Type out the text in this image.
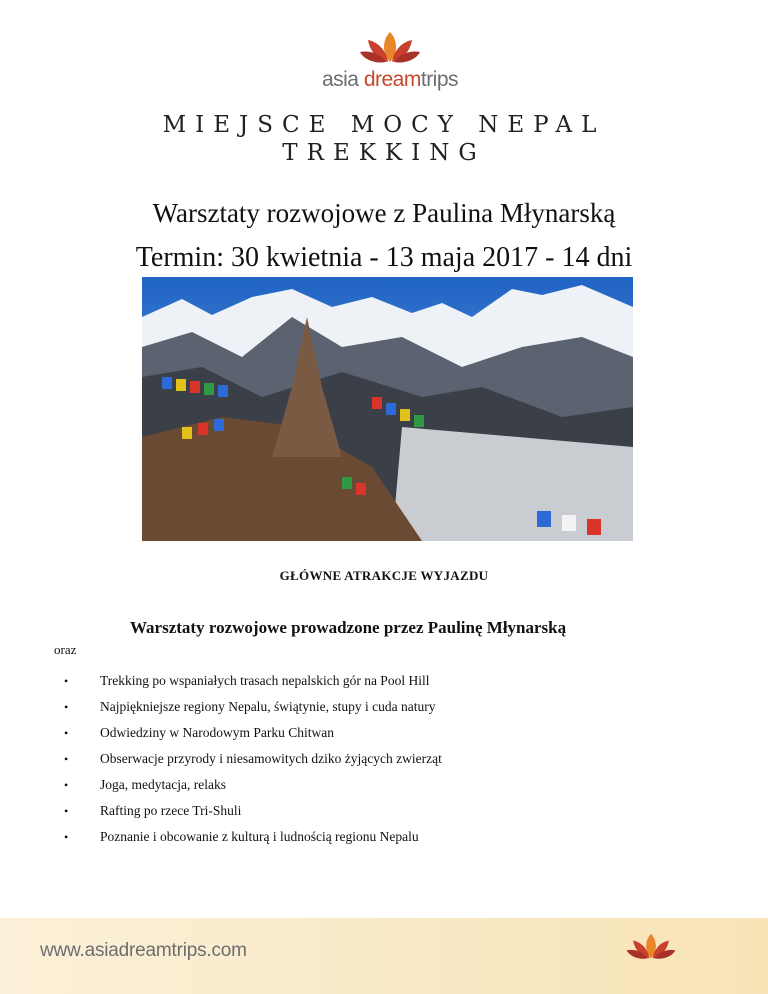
asia dreamtrips
MIEJSCE MOCY NEPAL
TREKKING
Warsztaty rozwojowe z Paulina Młynarską
Termin: 30 kwietnia - 13 maja 2017 - 14 dni
GŁÓWNE ATRAKCJE WYJAZDU
Warsztaty rozwojowe prowadzone przez Paulinę Młynarską
oraz
• Trekking po wspaniałych trasach nepalskich gór na Pool Hill
• Najpiękniejsze regiony Nepalu, świątynie, stupy i cuda natury
• Odwiedziny w Narodowym Parku Chitwan
• Obserwacje przyrody i niesamowitych dziko żyjących zwierząt
• Joga, medytacja, relaks
• Rafting po rzece Tri-Shuli
• Poznanie i obcowanie z kulturą i ludnością regionu Nepalu
www.asiadreamtrips.com
